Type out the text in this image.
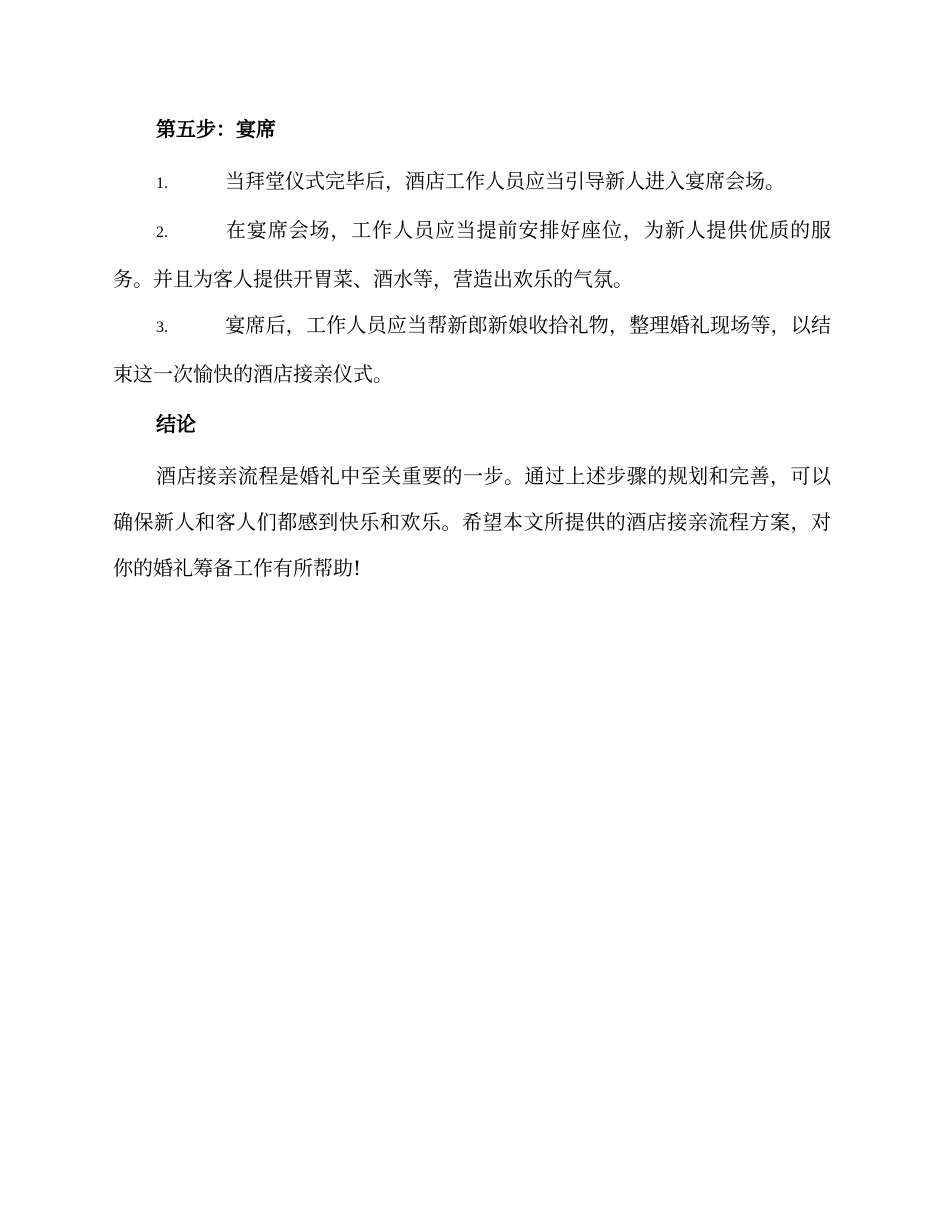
第五步：宴席
1.	当拜堂仪式完毕后，酒店工作人员应当引导新人进入宴席会场。
2.	在宴席会场，工作人员应当提前安排好座位，为新人提供优质的服务。并且为客人提供开胃菜、酒水等，营造出欢乐的气氛。
3.	宴席后，工作人员应当帮新郎新娘收拾礼物，整理婚礼现场等，以结束这一次愉快的酒店接亲仪式。
结论

酒店接亲流程是婚礼中至关重要的一步。通过上述步骤的规划和完善，可以确保新人和客人们都感到快乐和欢乐。希望本文所提供的酒店接亲流程方案，对你的婚礼筹备工作有所帮助!
